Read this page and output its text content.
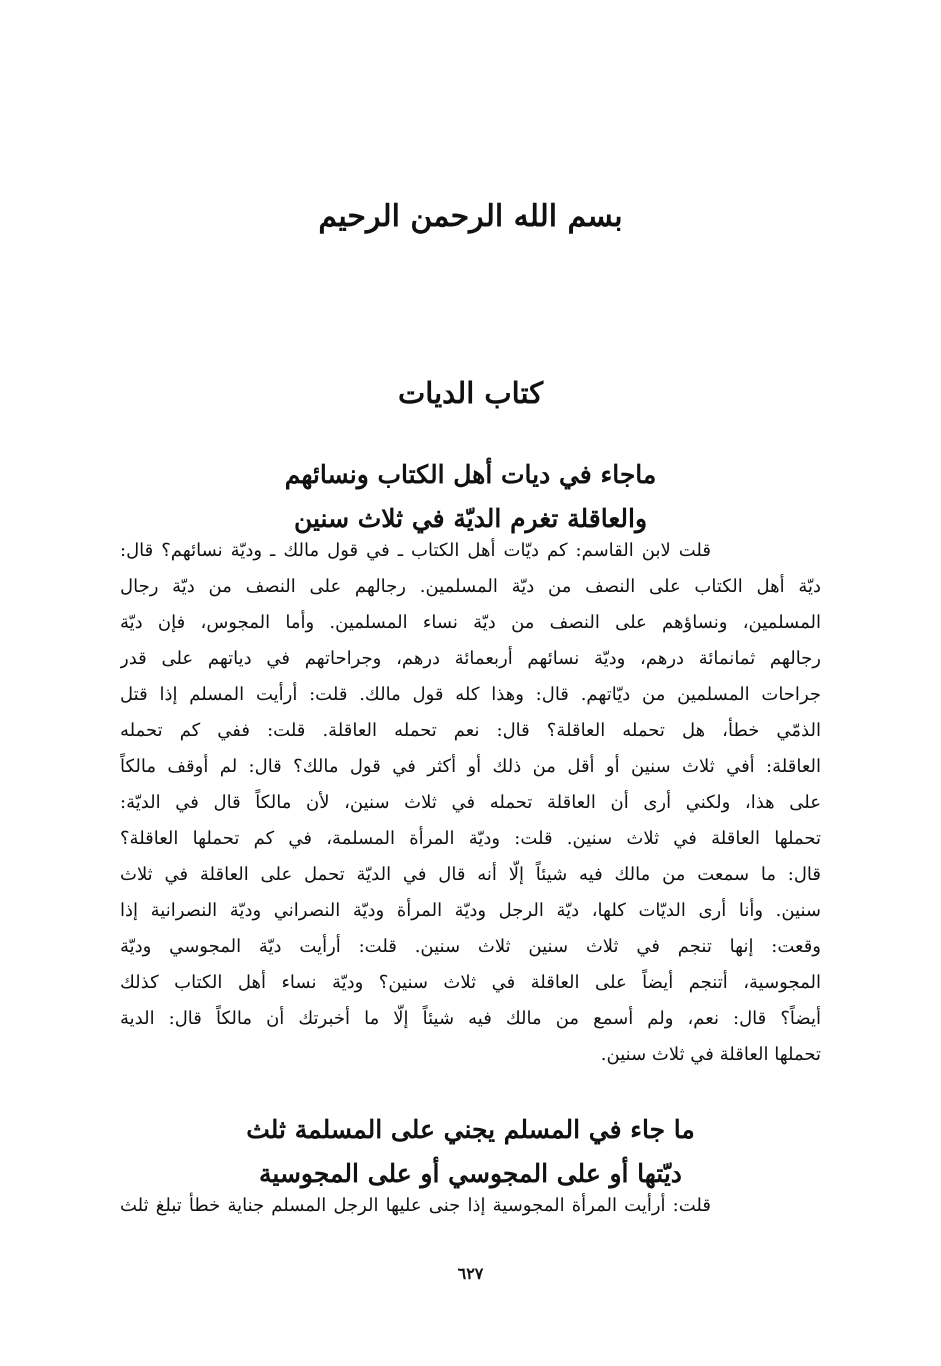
بسم الله الرحمن الرحيم
كتاب الديات
ماجاء في ديات أهل الكتاب ونسائهم
والعاقلة تغرم الديّة في ثلاث سنين
قلت لابن القاسم: كم ديّات أهل الكتاب ـ في قول مالك ـ وديّة نسائهم؟ قال:
ديّة أهل الكتاب على النصف من ديّة المسلمين. رجالهم على النصف من ديّة رجال
المسلمين، ونساؤهم على النصف من ديّة نساء المسلمين. وأما المجوس، فإن ديّة
رجالهم ثمانمائة درهم، وديّة نسائهم أربعمائة درهم، وجراحاتهم في دياتهم على قدر
جراحات المسلمين من ديّاتهم. قال: وهذا كله قول مالك. قلت: أرأيت المسلم إذا قتل
الذمّي خطأ، هل تحمله العاقلة؟ قال: نعم تحمله العاقلة. قلت: ففي كم تحمله
العاقلة: أفي ثلاث سنين أو أقل من ذلك أو أكثر في قول مالك؟ قال: لم أوقف مالكاً
على هذا، ولكني أرى أن العاقلة تحمله في ثلاث سنين، لأن مالكاً قال في الديّة:
تحملها العاقلة في ثلاث سنين. قلت: وديّة المرأة المسلمة، في كم تحملها العاقلة؟
قال: ما سمعت من مالك فيه شيئاً إلّا أنه قال في الديّة تحمل على العاقلة في ثلاث
سنين. وأنا أرى الديّات كلها، ديّة الرجل وديّة المرأة وديّة النصراني وديّة النصرانية إذا
وقعت: إنها تنجم في ثلاث سنين ثلاث سنين. قلت: أرأيت ديّة المجوسي وديّة
المجوسية، أتنجم أيضاً على العاقلة في ثلاث سنين؟ وديّة نساء أهل الكتاب كذلك
أيضاً؟ قال: نعم، ولم أسمع من مالك فيه شيئاً إلّا ما أخبرتك أن مالكاً قال: الدية
تحملها العاقلة في ثلاث سنين.
ما جاء في المسلم يجني على المسلمة ثلث
ديّتها أو على المجوسي أو على المجوسية
قلت: أرأيت المرأة المجوسية إذا جنى عليها الرجل المسلم جناية خطأ تبلغ ثلث
٦٢٧
